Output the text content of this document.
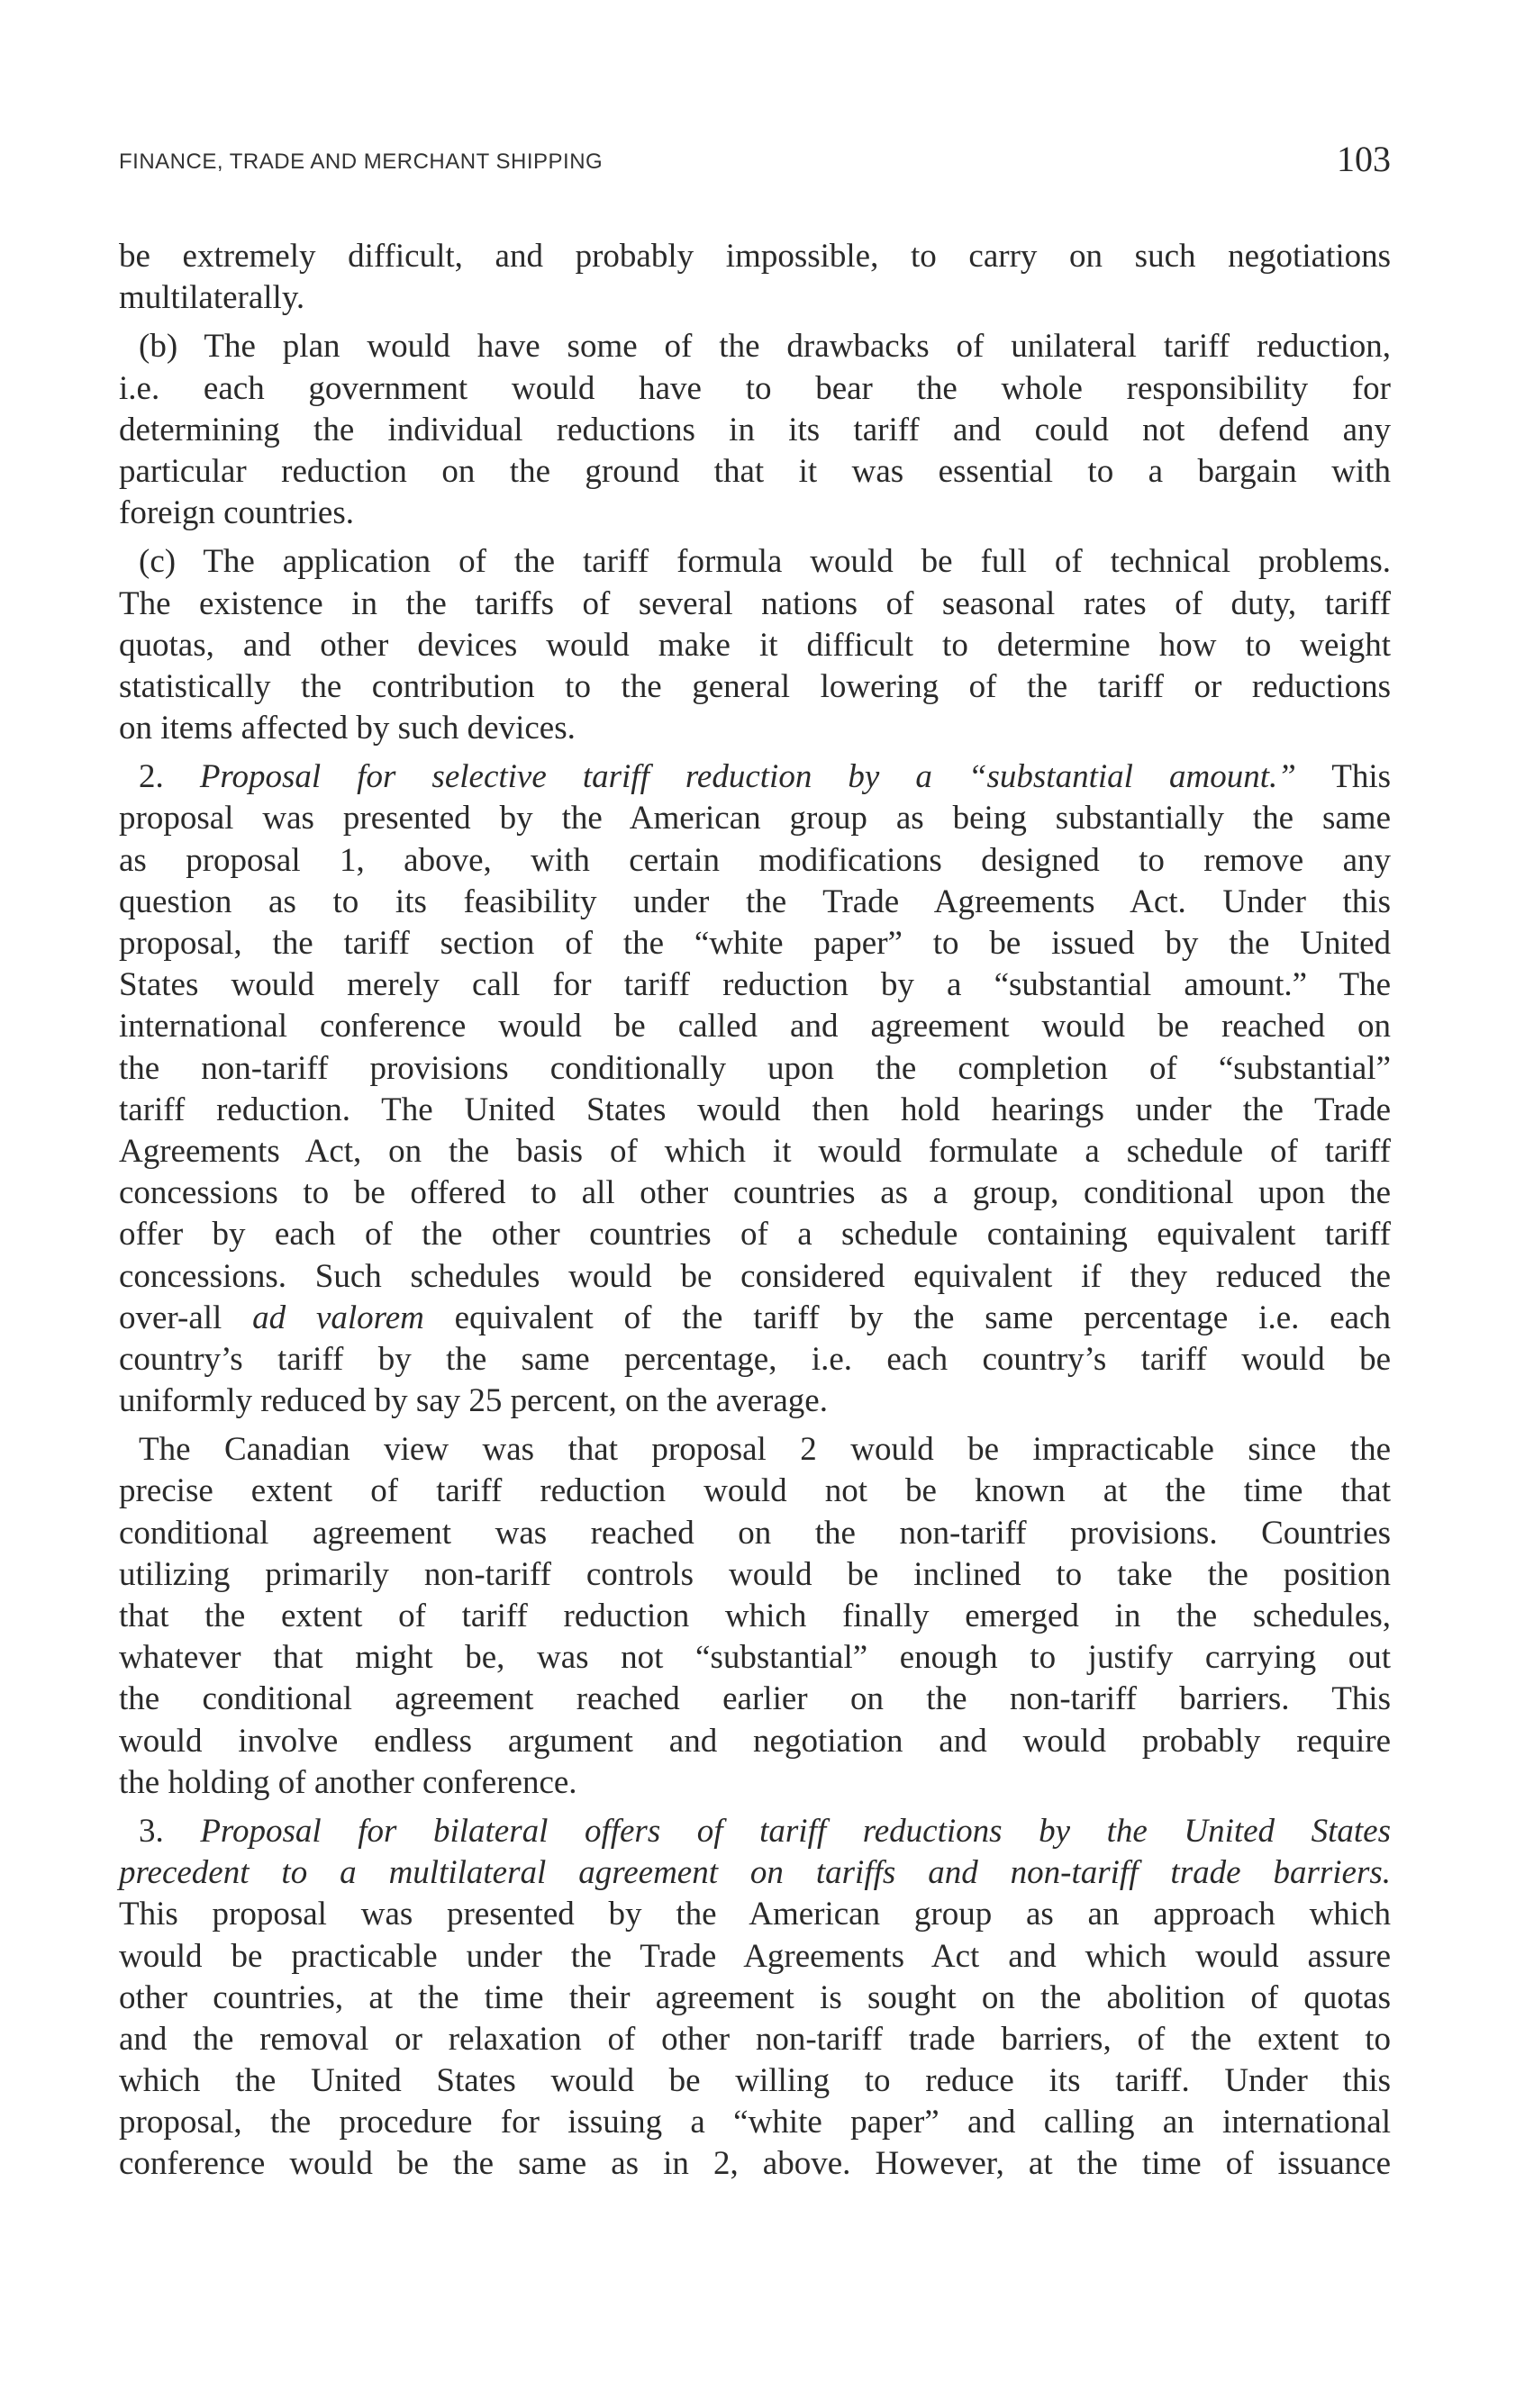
FINANCE, TRADE AND MERCHANT SHIPPING	103
be extremely difficult, and probably impossible, to carry on such negotiations
multilaterally.
(b) The plan would have some of the drawbacks of unilateral tariff reduction,
i.e. each government would have to bear the whole responsibility for
determining the individual reductions in its tariff and could not defend any
particular reduction on the ground that it was essential to a bargain with
foreign countries.
(c) The application of the tariff formula would be full of technical problems.
The existence in the tariffs of several nations of seasonal rates of duty, tariff
quotas, and other devices would make it difficult to determine how to weight
statistically the contribution to the general lowering of the tariff or reductions
on items affected by such devices.
2. Proposal for selective tariff reduction by a “substantial amount.” This
proposal was presented by the American group as being substantially the same
as proposal 1, above, with certain modifications designed to remove any
question as to its feasibility under the Trade Agreements Act. Under this
proposal, the tariff section of the “white paper” to be issued by the United
States would merely call for tariff reduction by a “substantial amount.” The
international conference would be called and agreement would be reached on
the non-tariff provisions conditionally upon the completion of “substantial”
tariff reduction. The United States would then hold hearings under the Trade
Agreements Act, on the basis of which it would formulate a schedule of tariff
concessions to be offered to all other countries as a group, conditional upon the
offer by each of the other countries of a schedule containing equivalent tariff
concessions. Such schedules would be considered equivalent if they reduced the
over-all ad valorem equivalent of the tariff by the same percentage i.e. each
country’s tariff by the same percentage, i.e. each country’s tariff would be
uniformly reduced by say 25 percent, on the average.
The Canadian view was that proposal 2 would be impracticable since the
precise extent of tariff reduction would not be known at the time that
conditional agreement was reached on the non-tariff provisions. Countries
utilizing primarily non-tariff controls would be inclined to take the position
that the extent of tariff reduction which finally emerged in the schedules,
whatever that might be, was not “substantial” enough to justify carrying out
the conditional agreement reached earlier on the non-tariff barriers. This
would involve endless argument and negotiation and would probably require
the holding of another conference.
3. Proposal for bilateral offers of tariff reductions by the United States
precedent to a multilateral agreement on tariffs and non-tariff trade barriers.
This proposal was presented by the American group as an approach which
would be practicable under the Trade Agreements Act and which would assure
other countries, at the time their agreement is sought on the abolition of quotas
and the removal or relaxation of other non-tariff trade barriers, of the extent to
which the United States would be willing to reduce its tariff. Under this
proposal, the procedure for issuing a “white paper” and calling an international
conference would be the same as in 2, above. However, at the time of issuance
